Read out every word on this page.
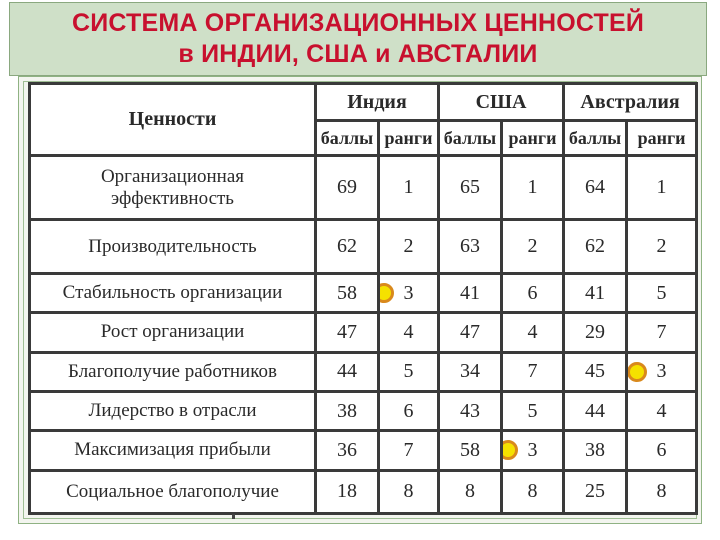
СИСТЕМА ОРГАНИЗАЦИОННЫХ ЦЕННОСТЕЙ
в ИНДИИ, США и АВСТАЛИИ
Ценности	Индия		США		Австралия	
	баллы	ранги	баллы	ранги	баллы	ранги
Организационная эффективность	69	1	65	1	64	1
Производительность	62	2	63	2	62	2
Стабильность организации	58	3	41	6	41	5
Рост организации	47	4	47	4	29	7
Благополучие работников	44	5	34	7	45	3

Лидерство в отрасли	38	6	43	5	44	4
Максимизация прибыли	36	7	58	3	38	6
Социальное благополучие	18	8	8	8	25	8
